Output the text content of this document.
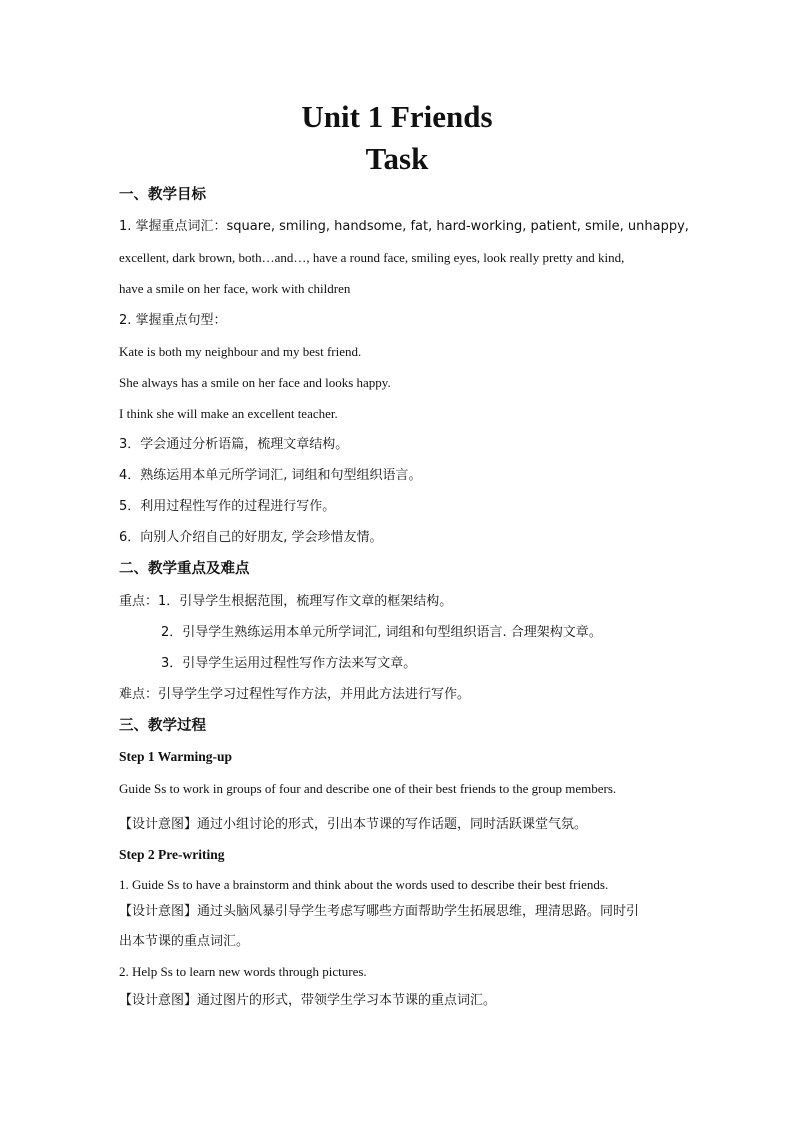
Unit 1 Friends
Task
一、教学目标
1. 掌握重点词汇：square, smiling, handsome, fat, hard-working, patient, smile, unhappy,
excellent, dark brown, both…and…, have a round face, smiling eyes, look really pretty and kind,
have a smile on her face, work with children
2. 掌握重点句型：
Kate is both my neighbour and my best friend.
She always has a smile on her face and looks happy.
I think she will make an excellent teacher.
3．学会通过分析语篇，梳理文章结构。
4．熟练运用本单元所学词汇, 词组和句型组织语言。
5．利用过程性写作的过程进行写作。
6．向别人介绍自己的好朋友, 学会珍惜友情。
二、教学重点及难点
重点：1．引导学生根据范围，梳理写作文章的框架结构。
2．引导学生熟练运用本单元所学词汇, 词组和句型组织语言. 合理架构文章。
3．引导学生运用过程性写作方法来写文章。
难点：引导学生学习过程性写作方法，并用此方法进行写作。
三、教学过程
Step 1 Warming-up
Guide Ss to work in groups of four and describe one of their best friends to the group members.
【设计意图】通过小组讨论的形式，引出本节课的写作话题，同时活跃课堂气氛。
Step 2 Pre-writing
1. Guide Ss to have a brainstorm and think about the words used to describe their best friends.
【设计意图】通过头脑风暴引导学生考虑写哪些方面帮助学生拓展思维，理清思路。同时引
出本节课的重点词汇。
2. Help Ss to learn new words through pictures.
【设计意图】通过图片的形式，带领学生学习本节课的重点词汇。
